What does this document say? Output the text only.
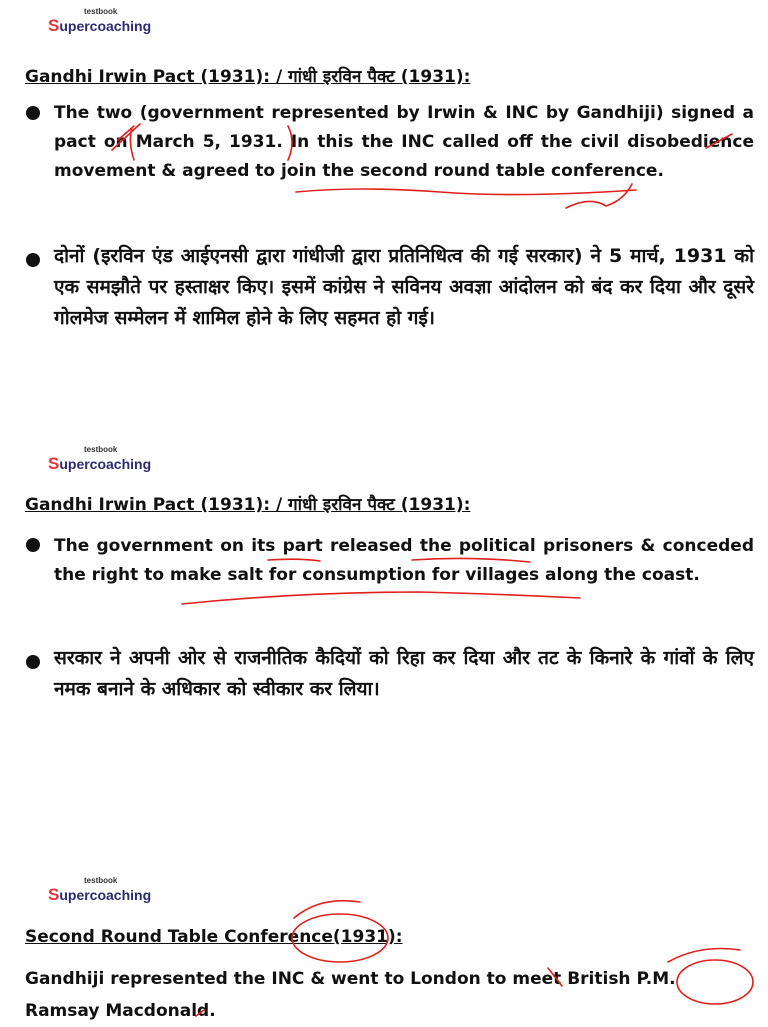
testbook
Supercoaching
Gandhi Irwin Pact (1931): / गांधी इरविन पैक्ट (1931):

The two (government represented by Irwin & INC by Gandhiji) signed a pact on March 5, 1931. In this the INC called off the civil disobedience movement & agreed to join the second round table conference.

दोनों (इरविन एंड आईएनसी द्वारा गांधीजी द्वारा प्रतिनिधित्व की गई सरकार) ने 5 मार्च, 1931 को एक समझौते पर हस्ताक्षर किए। इसमें कांग्रेस ने सविनय अवज्ञा आंदोलन को बंद कर दिया और दूसरे गोलमेज सम्मेलन में शामिल होने के लिए सहमत हो गई।

testbook
Supercoaching
Gandhi Irwin Pact (1931): / गांधी इरविन पैक्ट (1931):

The government on its part released the political prisoners & conceded the right to make salt for consumption for villages along the coast.

सरकार ने अपनी ओर से राजनीतिक कैदियों को रिहा कर दिया और तट के किनारे के गांवों के लिए नमक बनाने के अधिकार को स्वीकार कर लिया।

testbook
Supercoaching
Second Round Table Conference(1931):

Gandhiji represented the INC & went to London to meet British P.M. Ramsay Macdonald.
